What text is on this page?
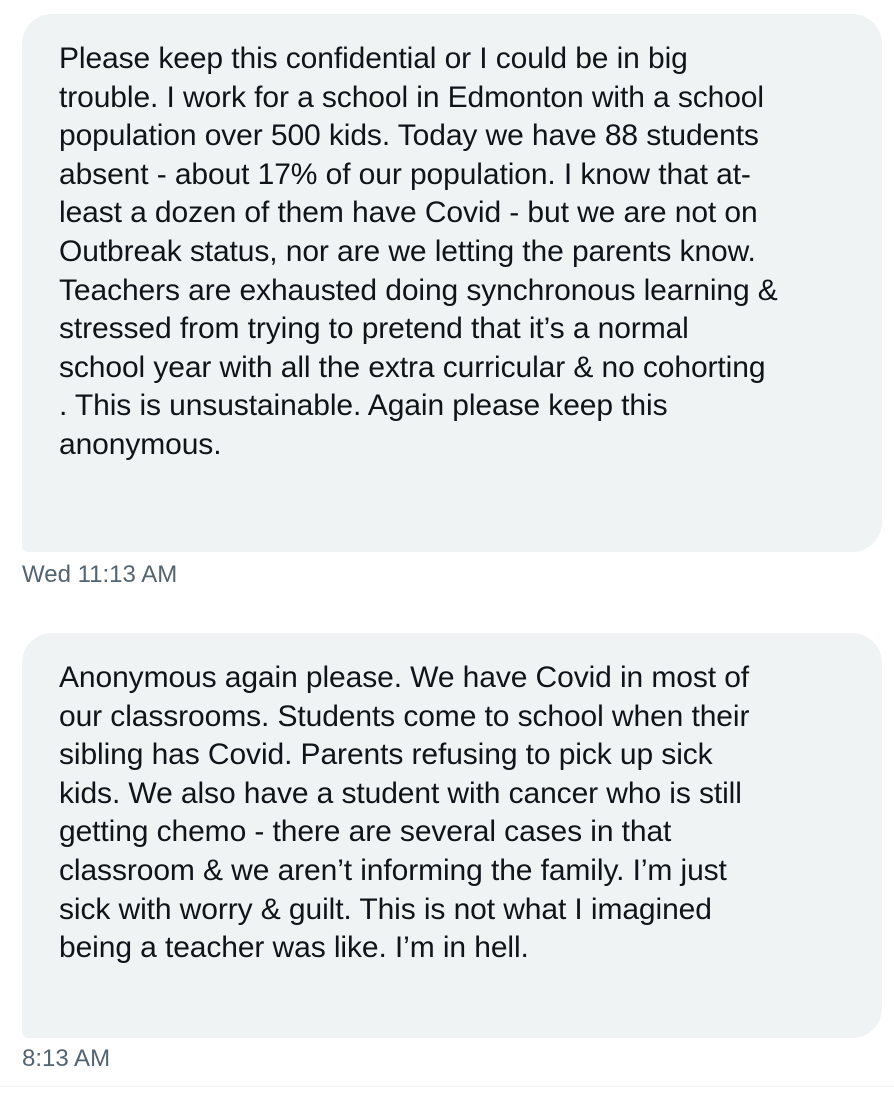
Please keep this confidential or I could be in big
trouble. I work for a school in Edmonton with a school
population over 500 kids. Today we have 88 students
absent - about 17% of our population. I know that at-
least a dozen of them have Covid - but we are not on
Outbreak status, nor are we letting the parents know.
Teachers are exhausted doing synchronous learning &
stressed from trying to pretend that it’s a normal
school year with all the extra curricular & no cohorting
. This is unsustainable. Again please keep this
anonymous.
Wed 11:13 AM
Anonymous again please. We have Covid in most of
our classrooms. Students come to school when their
sibling has Covid. Parents refusing to pick up sick
kids. We also have a student with cancer who is still
getting chemo - there are several cases in that
classroom & we aren’t informing the family. I’m just
sick with worry & guilt. This is not what I imagined
being a teacher was like. I’m in hell.
8:13 AM
